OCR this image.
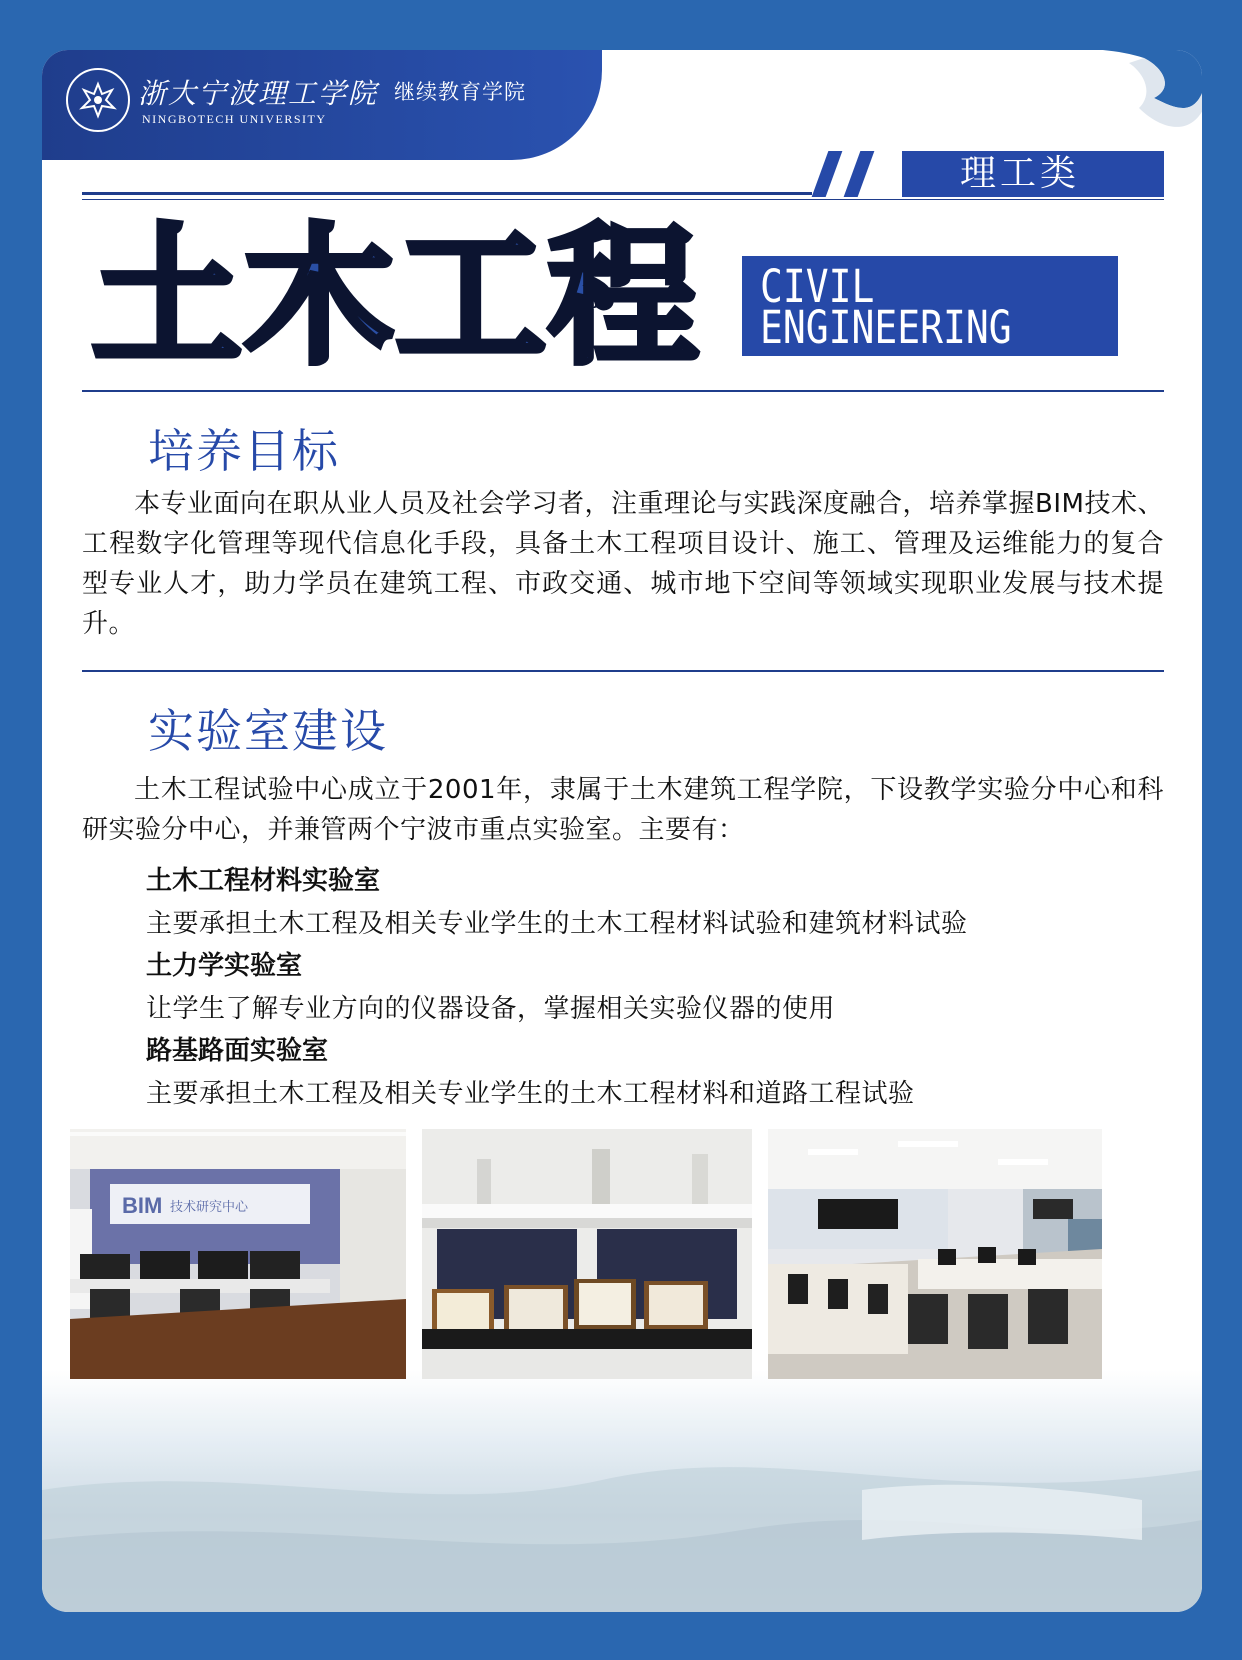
浙大宁波理工学院
NINGBOTECH UNIVERSITY
继续教育学院
理工类
土木工程 CIVIL
ENGINEERING
培养目标
本专业面向在职从业人员及社会学习者，注重理论与实践深度融合，培养掌握BIM技术、工程数字化管理等现代信息化手段，具备土木工程项目设计、施工、管理及运维能力的复合型专业人才，助力学员在建筑工程、市政交通、城市地下空间等领域实现职业发展与技术提升。
实验室建设
土木工程试验中心成立于2001年，隶属于土木建筑工程学院，下设教学实验分中心和科研实验分中心，并兼管两个宁波市重点实验室。主要有：
土木工程材料实验室
主要承担土木工程及相关专业学生的土木工程材料试验和建筑材料试验
土力学实验室
让学生了解专业方向的仪器设备，掌握相关实验仪器的使用
路基路面实验室
主要承担土木工程及相关专业学生的土木工程材料和道路工程试验
BIM 技术研究中心
